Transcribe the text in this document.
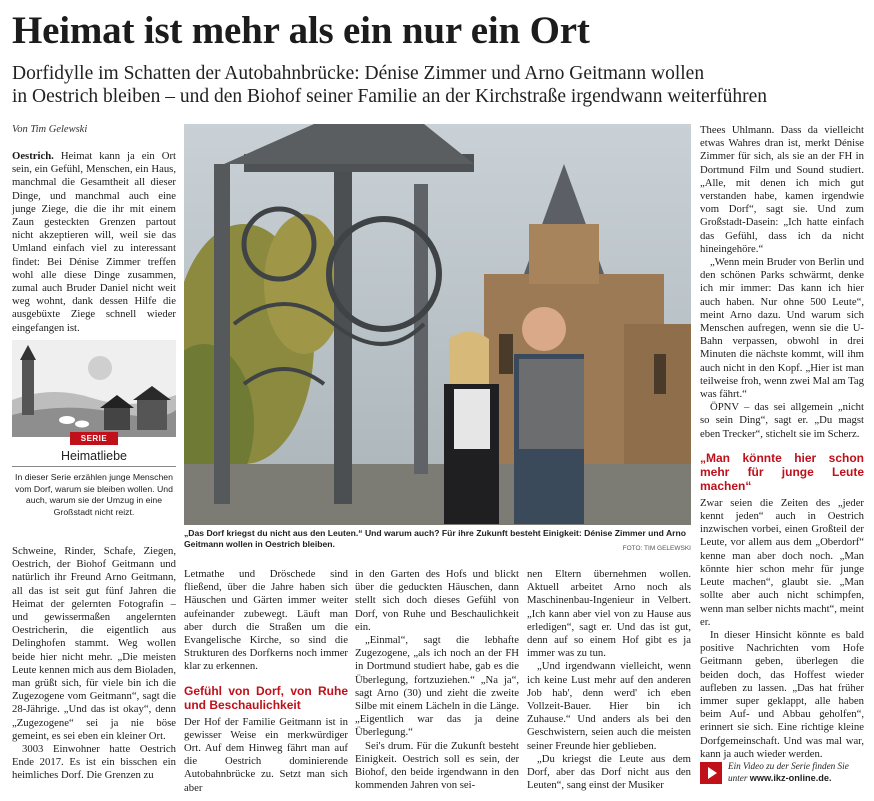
Heimat ist mehr als ein nur ein Ort
Dorfidylle im Schatten der Autobahnbrücke: Dénise Zimmer und Arno Geitmann wollen
in Oestrich bleiben – und den Biohof seiner Familie an der Kirchstraße irgendwann weiterführen
Von Tim Gelewski

Oestrich. Heimat kann ja ein Ort sein, ein Gefühl, Menschen, ein Haus, manchmal die Gesamtheit all dieser Dinge, und manchmal auch eine junge Ziege, die die ihr mit einem Zaun gesteckten Grenzen partout nicht akzeptieren will, weil sie das Umland einfach viel zu interessant findet: Bei Dénise Zimmer treffen wohl alle diese Dinge zusammen, zumal auch Bruder Daniel nicht weit weg wohnt, dank dessen Hilfe die ausgebüxte Ziege schnell wieder eingefangen ist.

SERIE
Heimatliebe
In dieser Serie erzählen junge Menschen vom Dorf, warum sie bleiben wollen. Und auch, warum sie der Umzug in eine Großstadt nicht reizt.
„Das Dorf kriegst du nicht aus den Leuten.“ Und warum auch? Für ihre Zukunft besteht Einigkeit: Dénise Zimmer und Arno Geitmann wollen in Oestrich bleiben.	FOTO: TIM GELEWSKI

Schweine, Rinder, Schafe, Ziegen, Oestrich, der Biohof Geitmann und natürlich ihr Freund Arno Geitmann, all das ist seit gut fünf Jahren die Heimat der gelernten Fotografin – und gewissermaßen angelernten Oestricherin, die eigentlich aus Delinghofen stammt. Weg wollen beide hier nicht mehr. „Die meisten Leute kennen mich aus dem Bioladen, man grüßt sich, für viele bin ich die Zugezogene vom Geitmann“, sagt die 28-Jährige. „Und das ist okay“, denn „Zugezogene“ sei ja nie böse gemeint, es sei eben ein kleiner Ort.

3003 Einwohner hatte Oestrich Ende 2017. Es ist ein bisschen ein heimliches Dorf. Die Grenzen zu

Letmathe und Dröschede sind fließend, über die Jahre haben sich Häuschen und Gärten immer weiter aufeinander zubewegt. Läuft man aber durch die Straßen um die Evangelische Kirche, so sind die Strukturen des Dorfkerns noch immer klar zu erkennen.

Gefühl von Dorf, von Ruhe und Beschaulichkeit

Der Hof der Familie Geitmann ist in gewisser Weise ein merkwürdiger Ort. Auf dem Hinweg fährt man auf die Oestrich dominierende Autobahnbrücke zu. Setzt man sich aber

in den Garten des Hofs und blickt über die geduckten Häuschen, dann stellt sich doch dieses Gefühl von Dorf, von Ruhe und Beschaulichkeit ein.

„Einmal“, sagt die lebhafte Zugezogene, „als ich noch an der FH in Dortmund studiert habe, gab es die Überlegung, fortzuziehen.“ „Na ja“, sagt Arno (30) und zieht die zweite Silbe mit einem Lächeln in die Länge. „Eigentlich war das ja deine Überlegung.“

Sei's drum. Für die Zukunft besteht Einigkeit. Oestrich soll es sein, der Biohof, den beide irgendwann in den kommenden Jahren von sei-

nen Eltern übernehmen wollen. Aktuell arbeitet Arno noch als Maschinenbau-Ingenieur in Velbert. „Ich kann aber viel von zu Hause aus erledigen“, sagt er. Und das ist gut, denn auf so einem Hof gibt es ja immer was zu tun.

„Und irgendwann vielleicht, wenn ich keine Lust mehr auf den anderen Job hab', denn werd' ich eben Vollzeit-Bauer. Hier bin ich Zuhause.“ Und anders als bei den Geschwistern, seien auch die meisten seiner Freunde hier geblieben.

„Du kriegst die Leute aus dem Dorf, aber das Dorf nicht aus den Leuten“, sang einst der Musiker

Thees Uhlmann. Dass da vielleicht etwas Wahres dran ist, merkt Dénise Zimmer für sich, als sie an der FH in Dortmund Film und Sound studiert. „Alle, mit denen ich mich gut verstanden habe, kamen irgendwie vom Dorf“, sagt sie. Und zum Großstadt-Dasein: „Ich hatte einfach das Gefühl, dass ich da nicht hineingehöre.“

„Wenn mein Bruder von Berlin und den schönen Parks schwärmt, denke ich mir immer: Das kann ich hier auch haben. Nur ohne 500 Leute“, meint Arno dazu. Und warum sich Menschen aufregen, wenn sie die U-Bahn verpassen, obwohl in drei Minuten die nächste kommt, will ihm auch nicht in den Kopf. „Hier ist man teilweise froh, wenn zwei Mal am Tag was fährt.“

ÖPNV – das sei allgemein „nicht so sein Ding“, sagt er. „Du magst eben Trecker“, stichelt sie im Scherz.

„Man könnte hier schon mehr für junge Leute machen“

Zwar seien die Zeiten des „jeder kennt jeden“ auch in Oestrich inzwischen vorbei, einen Großteil der Leute, vor allem aus dem „Oberdorf“ kenne man aber doch noch. „Man könnte hier schon mehr für junge Leute machen“, glaubt sie. „Man sollte aber auch nicht schimpfen, wenn man selber nichts macht“, meint er.

In dieser Hinsicht könnte es bald positive Nachrichten vom Hofe Geitmann geben, überlegen die beiden doch, das Hoffest wieder aufleben zu lassen. „Das hat früher immer super geklappt, alle haben beim Auf- und Abbau geholfen“, erinnert sie sich. Eine richtige kleine Dorfgemeinschaft. Und was mal war, kann ja auch wieder werden.

Ein Video zu der Serie finden Sie
unter www.ikz-online.de.
